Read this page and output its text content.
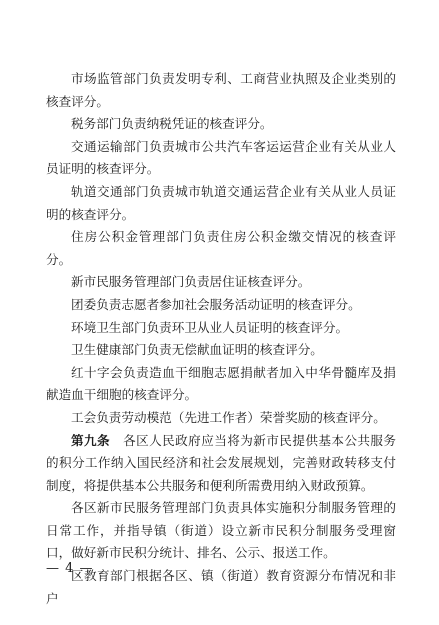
市场监管部门负责发明专利、工商营业执照及企业类别的核查评分。

税务部门负责纳税凭证的核查评分。

交通运输部门负责城市公共汽车客运运营企业有关从业人员证明的核查评分。

轨道交通部门负责城市轨道交通运营企业有关从业人员证明的核查评分。

住房公积金管理部门负责住房公积金缴交情况的核查评分。

新市民服务管理部门负责居住证核查评分。

团委负责志愿者参加社会服务活动证明的核查评分。

环境卫生部门负责环卫从业人员证明的核查评分。

卫生健康部门负责无偿献血证明的核查评分。

红十字会负责造血干细胞志愿捐献者加入中华骨髓库及捐献造血干细胞的核查评分。

工会负责劳动模范（先进工作者）荣誉奖励的核查评分。

第九条　 各区人民政府应当将为新市民提供基本公共服务的积分工作纳入国民经济和社会发展规划，完善财政转移支付制度，将提供基本公共服务和便利所需费用纳入财政预算。

各区新市民服务管理部门负责具体实施积分制服务管理的日常工作，并指导镇（街道）设立新市民积分制服务受理窗口，做好新市民积分统计、排名、公示、报送工作。

区教育部门根据各区、镇（街道）教育资源分布情况和非户

— 4 —
